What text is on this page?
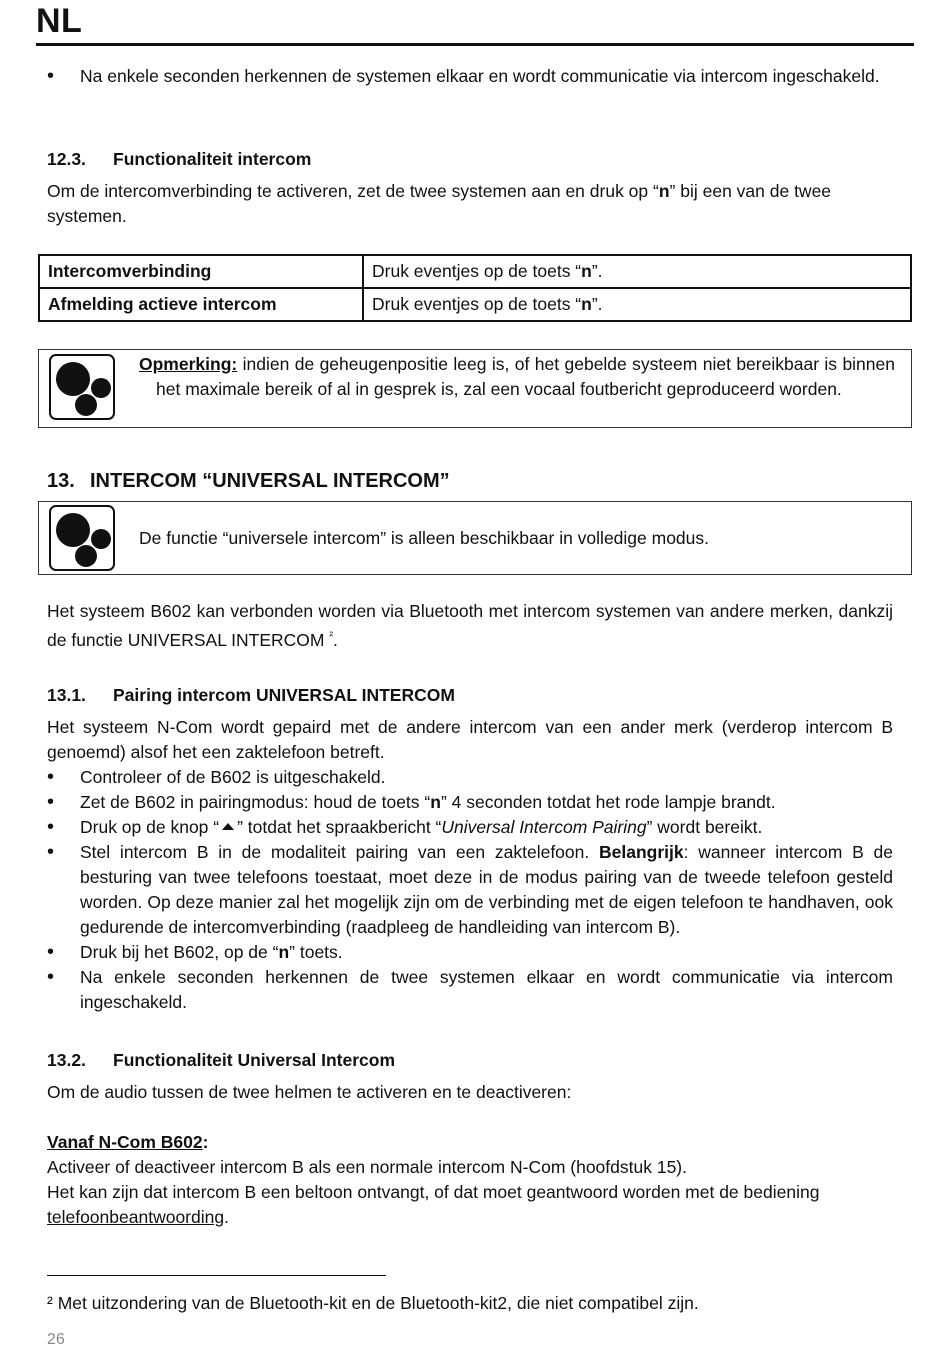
NL
• Na enkele seconden herkennen de systemen elkaar en wordt communicatie via intercom ingeschakeld.
12.3. Functionaliteit intercom
Om de intercomverbinding te activeren, zet de twee systemen aan en druk op “n” bij een van de twee systemen.
Intercomverbinding	Druk eventjes op de toets “n”.
Afmelding actieve intercom	Druk eventjes op de toets “n”.
Opmerking: indien de geheugenpositie leeg is, of het gebelde systeem niet bereikbaar is binnen het maximale bereik of al in gesprek is, zal een vocaal foutbericht geproduceerd worden.
13. INTERCOM “UNIVERSAL INTERCOM”
De functie “universele intercom” is alleen beschikbaar in volledige modus.
Het systeem B602 kan verbonden worden via Bluetooth met intercom systemen van andere merken, dankzij de functie UNIVERSAL INTERCOM $^{^2}$.
13.1. Pairing intercom UNIVERSAL INTERCOM
Het systeem N-Com wordt gepaird met de andere intercom van een ander merk (verderop intercom B genoemd) alsof het een zaktelefoon betreft.
• Controleer of de B602 is uitgeschakeld.
• Zet de B602 in pairingmodus: houd de toets “n” 4 seconden totdat het rode lampje brandt.
• Druk op de knop “ ” totdat het spraakbericht “Universal Intercom Pairing” wordt bereikt.
• Stel intercom B in de modaliteit pairing van een zaktelefoon. Belangrijk: wanneer intercom B de besturing van twee telefoons toestaat, moet deze in de modus pairing van de tweede telefoon gesteld worden. Op deze manier zal het mogelijk zijn om de verbinding met de eigen telefoon te handhaven, ook gedurende de intercomverbinding (raadpleeg de handleiding van intercom B).
• Druk bij het B602, op de “n” toets.
• Na enkele seconden herkennen de twee systemen elkaar en wordt communicatie via intercom ingeschakeld.
13.2. Functionaliteit Universal Intercom
Om de audio tussen de twee helmen te activeren en te deactiveren:
Vanaf N-Com B602:
Activeer of deactiveer intercom B als een normale intercom N-Com (hoofdstuk 15).
Het kan zijn dat intercom B een beltoon ontvangt, of dat moet geantwoord worden met de bediening telefoonbeantwoording.
² Met uitzondering van de Bluetooth-kit en de Bluetooth-kit2, die niet compatibel zijn.
26
